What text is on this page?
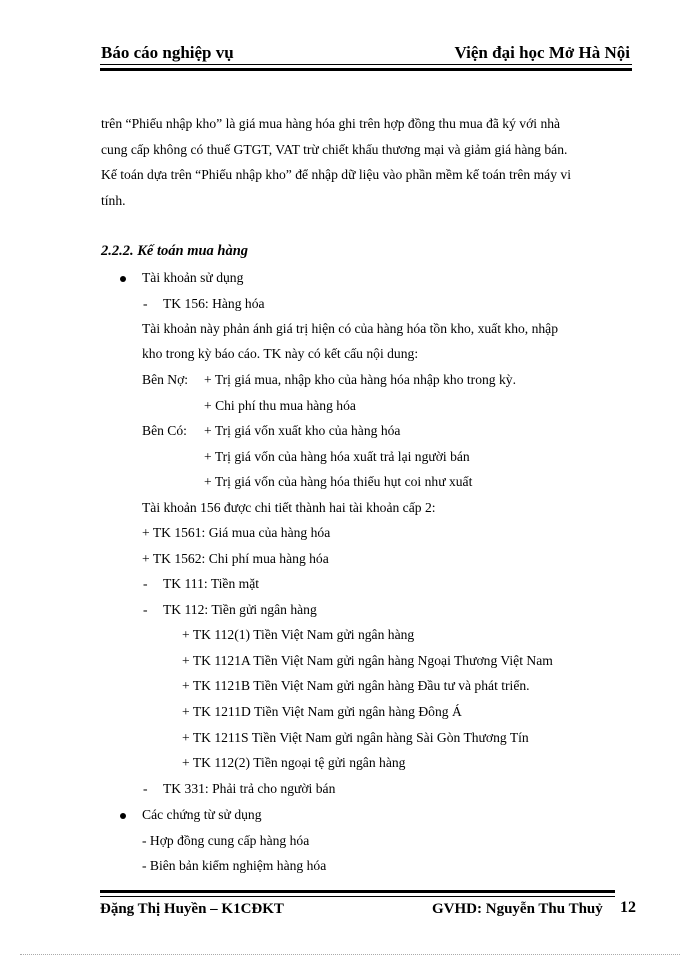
Báo cáo nghiệp vụ	Viện đại học Mở Hà Nội
trên “Phiếu nhập kho” là giá mua hàng hóa ghi trên hợp đồng thu mua đã ký với nhà
cung cấp không có thuế GTGT, VAT trừ chiết khấu thương mại và giảm giá hàng bán.
Kế toán dựa trên “Phiếu nhập kho” để nhập dữ liệu vào phần mềm kế toán trên máy vi
tính.
2.2.2. Kế toán mua hàng
Tài khoản sử dụng
- TK 156: Hàng hóa
Tài khoản này phản ánh giá trị hiện có của hàng hóa tồn kho, xuất kho, nhập
kho trong kỳ báo cáo. TK này có kết cấu nội dung:
Bên Nợ: + Trị giá mua, nhập kho của hàng hóa nhập kho trong kỳ.
+ Chi phí thu mua hàng hóa
Bên Có: + Trị giá vốn xuất kho của hàng hóa
+ Trị giá vốn của hàng hóa xuất trả lại người bán
+ Trị giá vốn của hàng hóa thiếu hụt coi như xuất
Tài khoản 156 được chi tiết thành hai tài khoản cấp 2:
+ TK 1561: Giá mua của hàng hóa
+ TK 1562: Chi phí mua hàng hóa
- TK 111: Tiền mặt
- TK 112: Tiền gửi ngân hàng
+ TK 112(1) Tiền Việt Nam gửi ngân hàng
+ TK 1121A Tiền Việt Nam gửi ngân hàng Ngoại Thương Việt Nam
+ TK 1121B Tiền Việt Nam gửi ngân hàng Đầu tư và phát triển.
+ TK 1211D Tiền Việt Nam gửi ngân hàng Đông Á
+ TK 1211S Tiền Việt Nam gửi ngân hàng Sài Gòn Thương Tín
+ TK 112(2) Tiền ngoại tệ gửi ngân hàng
- TK 331: Phải trả cho người bán
Các chứng từ sử dụng
- Hợp đồng cung cấp hàng hóa
- Biên bản kiểm nghiệm hàng hóa
Đặng Thị Huyền – K1CĐKT	GVHD: Nguyễn Thu Thuỷ 12
